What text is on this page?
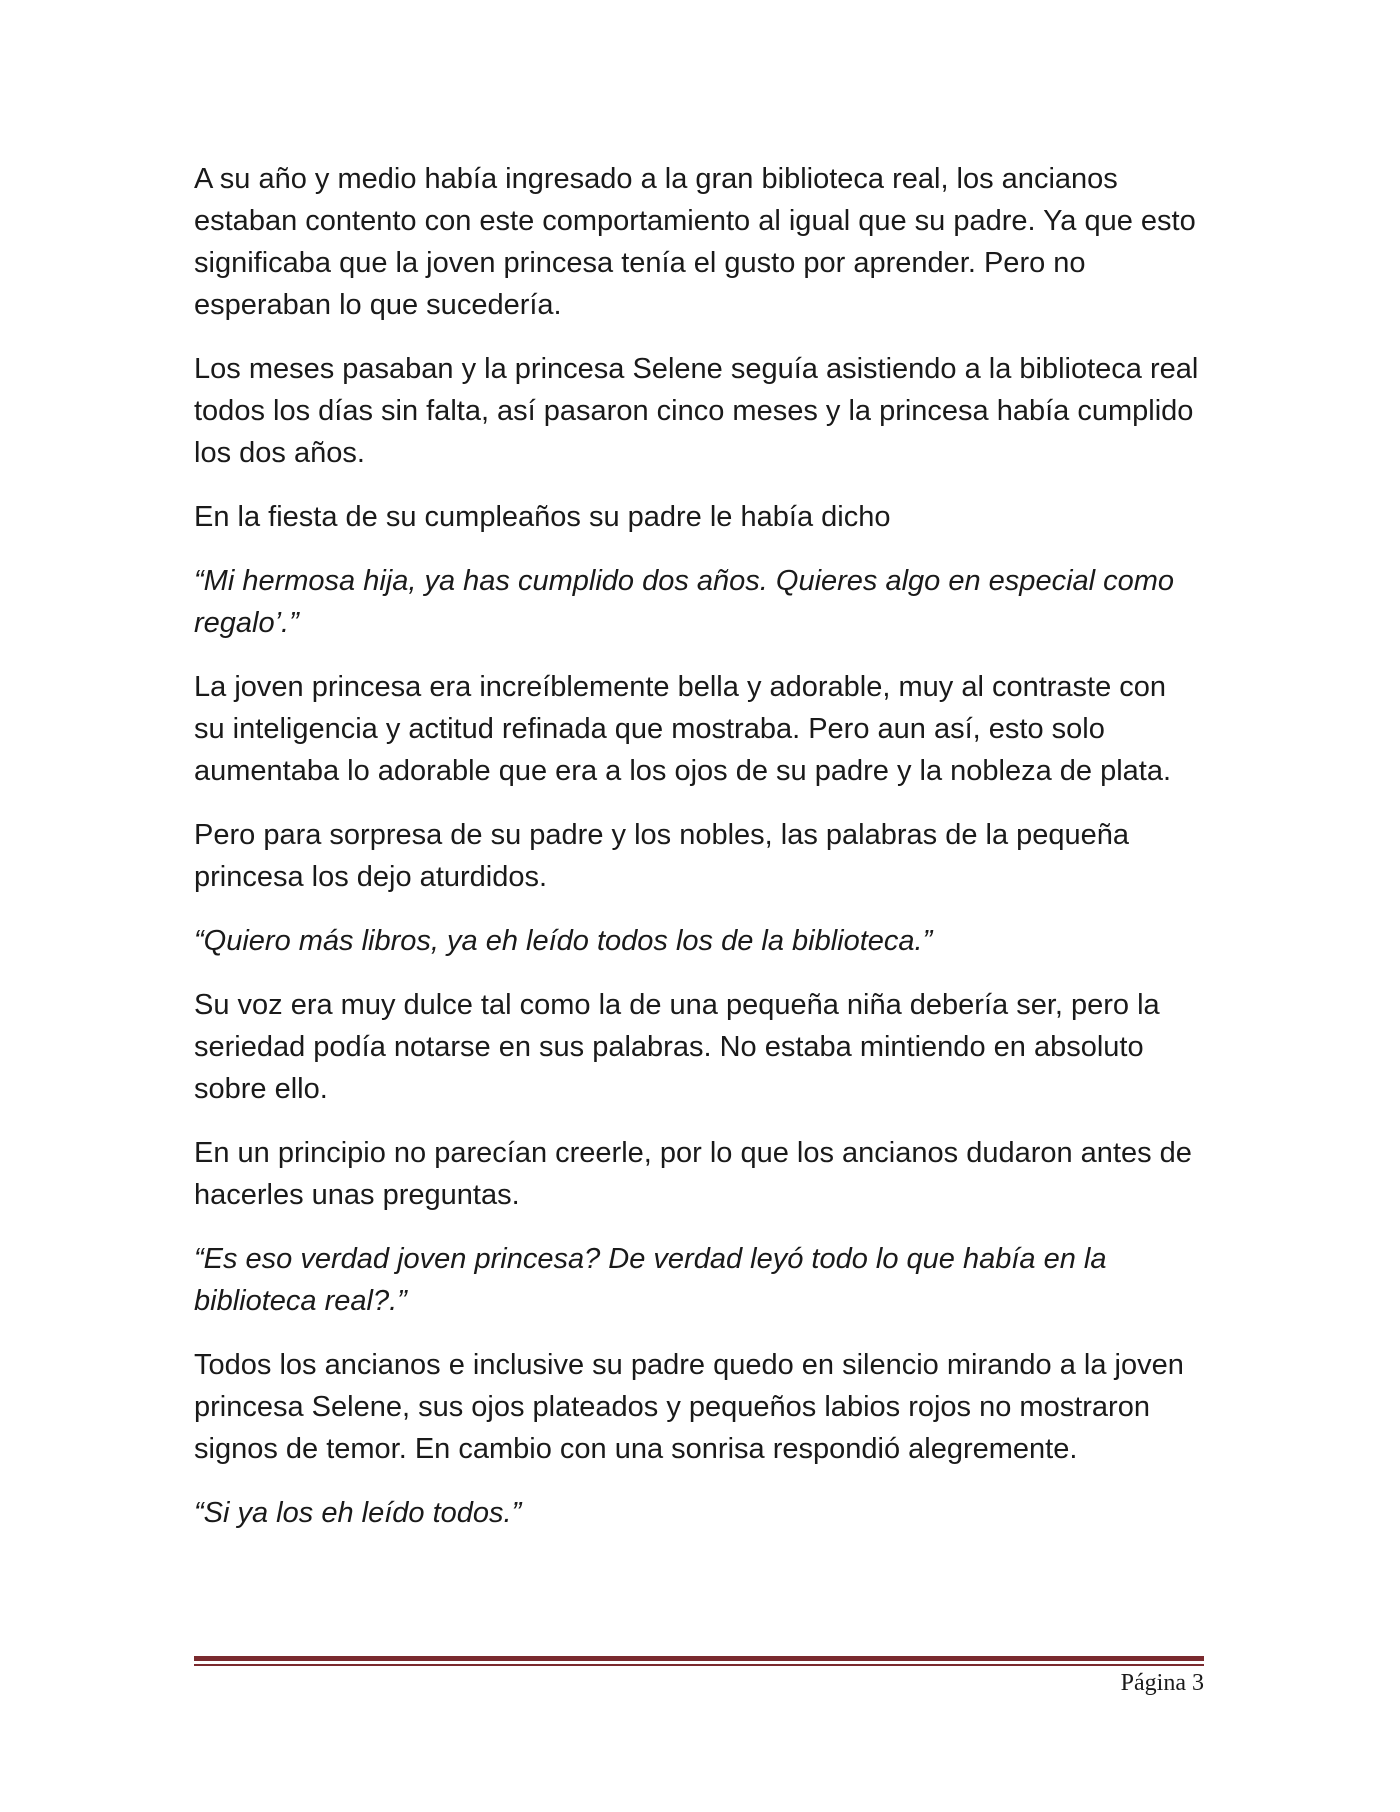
A su año y medio había ingresado a la gran biblioteca real, los ancianos estaban contento con este comportamiento al igual que su padre. Ya que esto significaba que la joven princesa tenía el gusto por aprender. Pero no esperaban lo que sucedería.

Los meses pasaban y la princesa Selene seguía asistiendo a la biblioteca real todos los días sin falta, así pasaron cinco meses y la princesa había cumplido los dos años.

En la fiesta de su cumpleaños su padre le había dicho

“Mi hermosa hija, ya has cumplido dos años. Quieres algo en especial como regalo’.”

La joven princesa era increíblemente bella y adorable, muy al contraste con su inteligencia y actitud refinada que mostraba. Pero aun así, esto solo aumentaba lo adorable que era a los ojos de su padre y la nobleza de plata.

Pero para sorpresa de su padre y los nobles, las palabras de la pequeña princesa los dejo aturdidos.

“Quiero más libros, ya eh leído todos los de la biblioteca.”

Su voz era muy dulce tal como la de una pequeña niña debería ser, pero la seriedad podía notarse en sus palabras. No estaba mintiendo en absoluto sobre ello.

En un principio no parecían creerle, por lo que los ancianos dudaron antes de hacerles unas preguntas.

“Es eso verdad joven princesa? De verdad leyó todo lo que había en la biblioteca real?.”

Todos los ancianos e inclusive su padre quedo en silencio mirando a la joven princesa Selene, sus ojos plateados y pequeños labios rojos no mostraron signos de temor. En cambio con una sonrisa respondió alegremente.

“Si ya los eh leído todos.”

Página 3
